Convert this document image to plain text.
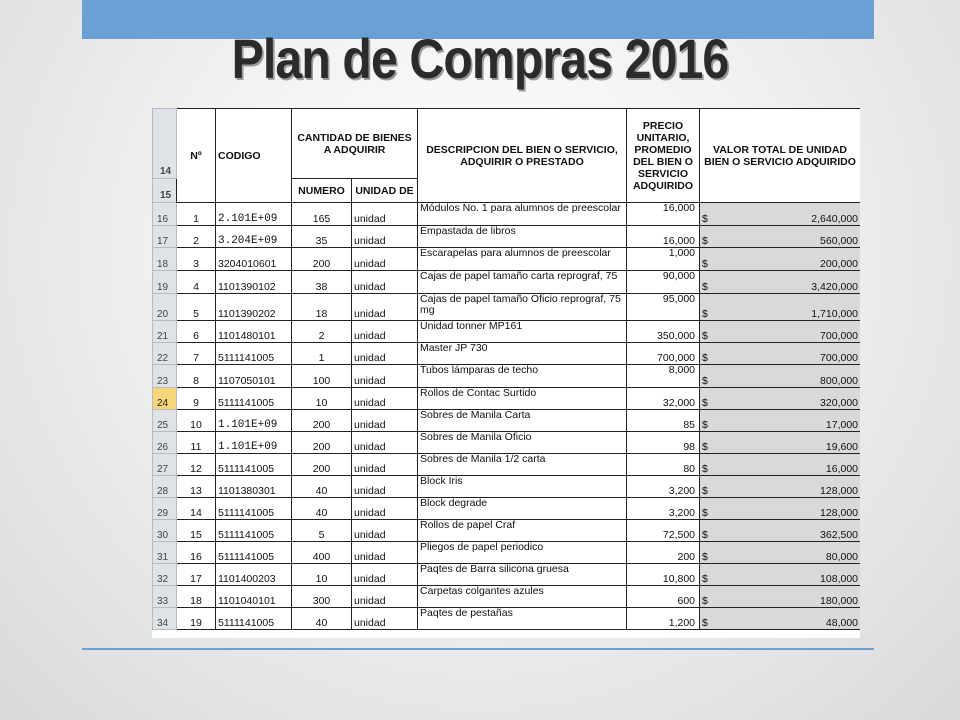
Plan de Compras 2016
14	Nº	CODIGO	CANTIDAD DE BIENES A ADQUIRIR		DESCRIPCION DEL BIEN O SERVICIO, ADQUIRIR O PRESTADO	PRECIO UNITARIO, PROMEDIO DEL BIEN O SERVICIO ADQUIRIDO	VALOR TOTAL DE UNIDAD BIEN O SERVICIO ADQUIRIDO
15			NUMERO	UNIDAD DE			
16	1	2.101E+09	165	unidad	Módulos No. 1 para alumnos de preescolar	16,000	$ 2,640,000

17	2	3.204E+09	35	unidad	Empastada de libros	16,000	$ 560,000

18	3	3204010601	200	unidad	Escarapelas para alumnos de preescolar	1,000	$ 200,000

19	4	1101390102	38	unidad	Cajas de papel tamaño carta reprograf, 75	90,000	$ 3,420,000

20	5	1101390202	18	unidad	Cajas de papel tamaño Oficio reprograf, 75 mg	95,000	$ 1,710,000

21	6	1101480101	2	unidad	Unidad tonner MP161	350,000	$ 700,000

22	7	5111141005	1	unidad	Master JP 730	700,000	$ 700,000

23	8	1107050101	100	unidad	Tubos lámparas de techo	8,000	$ 800,000

24	9	5111141005	10	unidad	Rollos de Contac Surtido	32,000	$ 320,000

25	10	1.101E+09	200	unidad	Sobres de Manila Carta	85	$ 17,000

26	11	1.101E+09	200	unidad	Sobres de Manila Oficio	98	$ 19,600

27	12	5111141005	200	unidad	Sobres de Manila 1/2 carta	80	$ 16,000

28	13	1101380301	40	unidad	Block Iris	3,200	$ 128,000

29	14	5111141005	40	unidad	Block degrade	3,200	$ 128,000

30	15	5111141005	5	unidad	Rollos de papel Craf	72,500	$ 362,500

31	16	5111141005	400	unidad	Pliegos de papel periodico	200	$ 80,000

32	17	1101400203	10	unidad	Paqtes de Barra silicona gruesa	10,800	$ 108,000

33	18	1101040101	300	unidad	Carpetas colgantes azules	600	$ 180,000

34	19	5111141005	40	unidad	Paqtes de pestañas	1,200	$ 48,000
